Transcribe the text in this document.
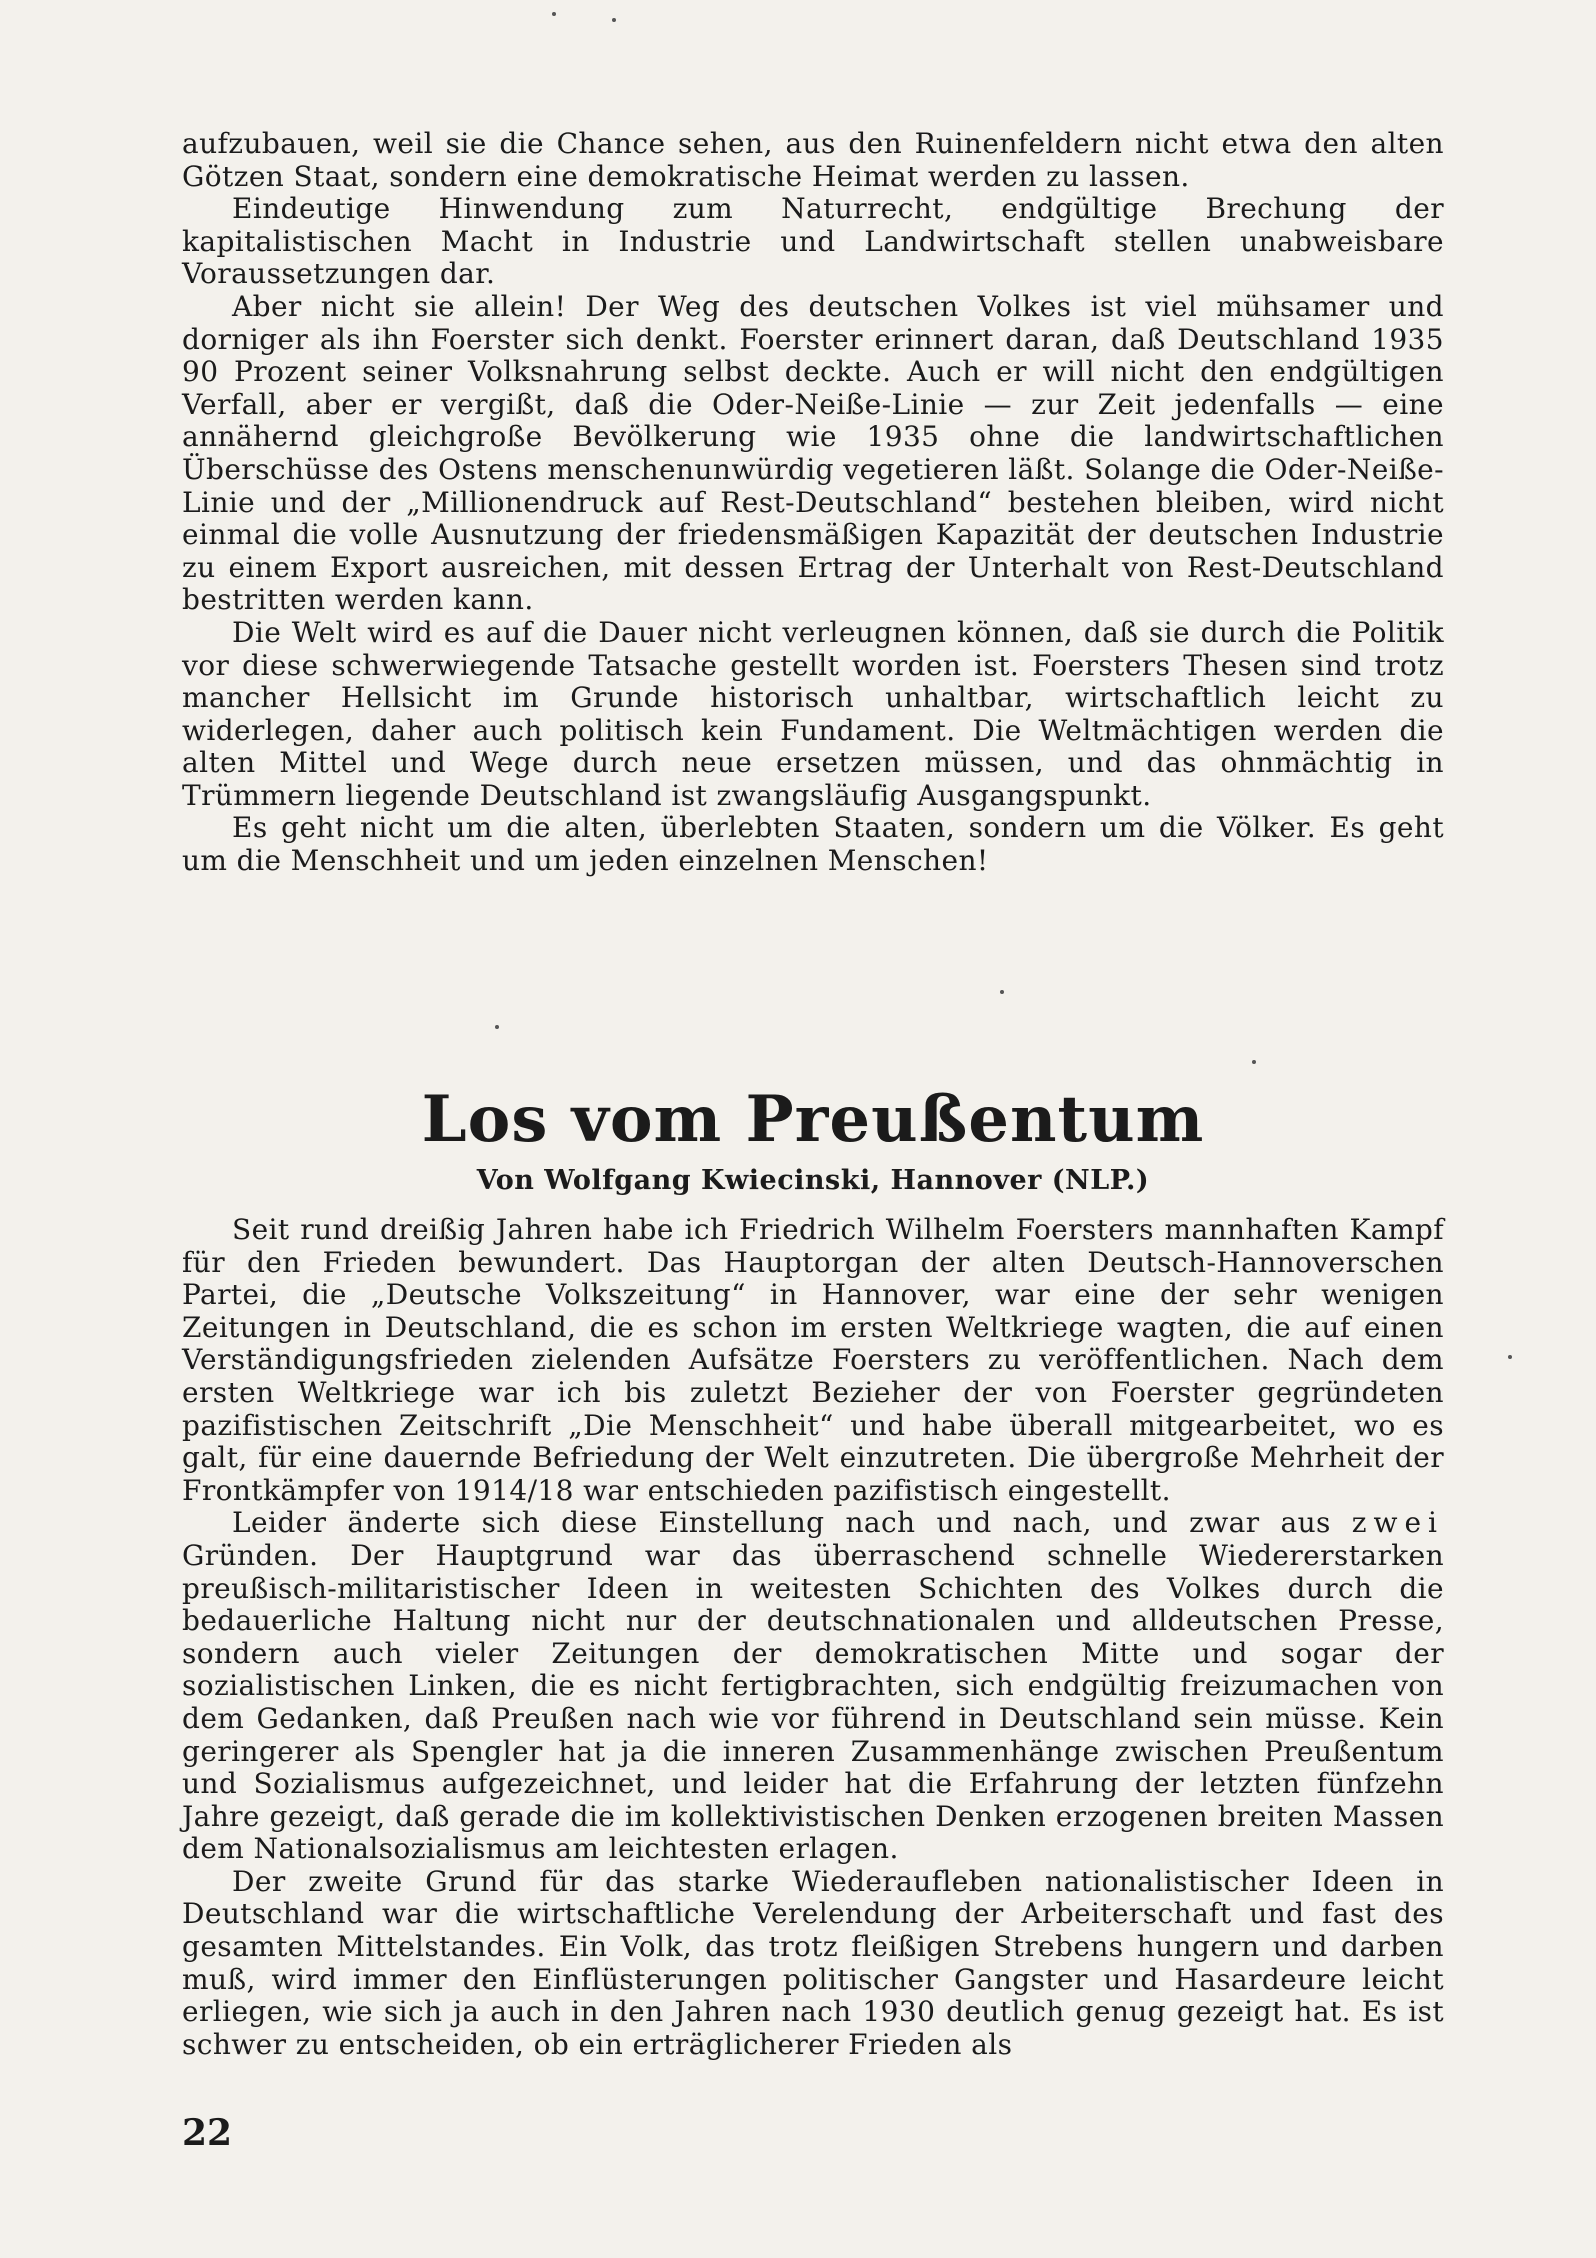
aufzubauen, weil sie die Chance sehen, aus den Ruinenfeldern nicht etwa den alten Götzen Staat, sondern eine demokratische Heimat werden zu lassen.

Eindeutige Hinwendung zum Naturrecht, endgültige Brechung der kapitalistischen Macht in Industrie und Landwirtschaft stellen unabweisbare Voraussetzungen dar.

Aber nicht sie allein! Der Weg des deutschen Volkes ist viel mühsamer und dorniger als ihn Foerster sich denkt. Foerster erinnert daran, daß Deutschland 1935 90 Prozent seiner Volksnahrung selbst deckte. Auch er will nicht den endgültigen Verfall, aber er vergißt, daß die Oder-Neiße-Linie — zur Zeit jedenfalls — eine annähernd gleichgroße Bevölkerung wie 1935 ohne die landwirtschaftlichen Überschüsse des Ostens menschenunwürdig vegetieren läßt. Solange die Oder-Neiße-Linie und der „Millionendruck auf Rest-Deutschland“ bestehen bleiben, wird nicht einmal die volle Ausnutzung der friedensmäßigen Kapazität der deutschen Industrie zu einem Export ausreichen, mit dessen Ertrag der Unterhalt von Rest-Deutschland bestritten werden kann.

Die Welt wird es auf die Dauer nicht verleugnen können, daß sie durch die Politik vor diese schwerwiegende Tatsache gestellt worden ist. Foersters Thesen sind trotz mancher Hellsicht im Grunde historisch unhaltbar, wirtschaftlich leicht zu widerlegen, daher auch politisch kein Fundament. Die Weltmächtigen werden die alten Mittel und Wege durch neue ersetzen müssen, und das ohnmächtig in Trümmern liegende Deutschland ist zwangsläufig Ausgangspunkt.

Es geht nicht um die alten, überlebten Staaten, sondern um die Völker. Es geht um die Menschheit und um jeden einzelnen Menschen!

Los vom Preußentum

Von Wolfgang Kwiecinski, Hannover (NLP.)

Seit rund dreißig Jahren habe ich Friedrich Wilhelm Foersters mannhaften Kampf für den Frieden bewundert. Das Hauptorgan der alten Deutsch-Hannoverschen Partei, die „Deutsche Volkszeitung“ in Hannover, war eine der sehr wenigen Zeitungen in Deutschland, die es schon im ersten Weltkriege wagten, die auf einen Verständigungsfrieden zielenden Aufsätze Foersters zu veröffentlichen. Nach dem ersten Weltkriege war ich bis zuletzt Bezieher der von Foerster gegründeten pazifistischen Zeitschrift „Die Menschheit“ und habe überall mitgearbeitet, wo es galt, für eine dauernde Befriedung der Welt einzutreten. Die übergroße Mehrheit der Frontkämpfer von 1914/18 war entschieden pazifistisch eingestellt.

Leider änderte sich diese Einstellung nach und nach, und zwar aus zwei Gründen. Der Hauptgrund war das überraschend schnelle Wiedererstarken preußisch-militaristischer Ideen in weitesten Schichten des Volkes durch die bedauerliche Haltung nicht nur der deutschnationalen und alldeutschen Presse, sondern auch vieler Zeitungen der demokratischen Mitte und sogar der sozialistischen Linken, die es nicht fertigbrachten, sich endgültig freizumachen von dem Gedanken, daß Preußen nach wie vor führend in Deutschland sein müsse. Kein geringerer als Spengler hat ja die inneren Zusammenhänge zwischen Preußentum und Sozialismus aufgezeichnet, und leider hat die Erfahrung der letzten fünfzehn Jahre gezeigt, daß gerade die im kollektivistischen Denken erzogenen breiten Massen dem Nationalsozialismus am leichtesten erlagen.

Der zweite Grund für das starke Wiederaufleben nationalistischer Ideen in Deutschland war die wirtschaftliche Verelendung der Arbeiterschaft und fast des gesamten Mittelstandes. Ein Volk, das trotz fleißigen Strebens hungern und darben muß, wird immer den Einflüsterungen politischer Gangster und Hasardeure leicht erliegen, wie sich ja auch in den Jahren nach 1930 deutlich genug gezeigt hat. Es ist schwer zu entscheiden, ob ein erträglicherer Frieden als

22
